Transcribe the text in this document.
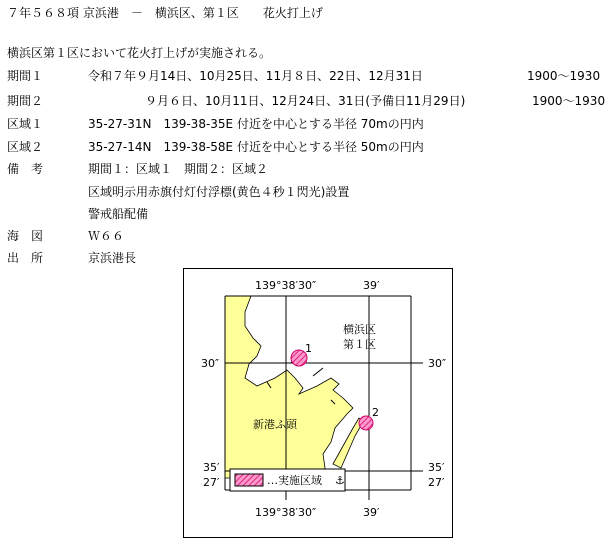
７年５６８項 京浜港　－　横浜区、第１区　　花火打上げ
横浜区第１区において花火打上げが実施される。
期間１	令和７年９月14日、10月25日、11月８日、22日、12月31日	1900～1930
期間２	９月６日、10月11日、12月24日、31日(予備日11月29日)	1900～1930
区域１	35-27-31N　139-38-35E 付近を中心とする半径 70mの円内
区域２	35-27-14N　139-38-58E 付近を中心とする半径 50mの円内
備　考	期間１：区域１　期間２：区域２
区域明示用赤旗付灯付浮標(黄色４秒１閃光)設置
警戒船配備
海　図	Ｗ６６
出　所	京浜港長
139°38′30″	39′
139°38′30″	39′
30″	30″
35′
27′
35′
27′
横浜区
第１区
新港ふ頭
1
2
…実施区域 ⚓
